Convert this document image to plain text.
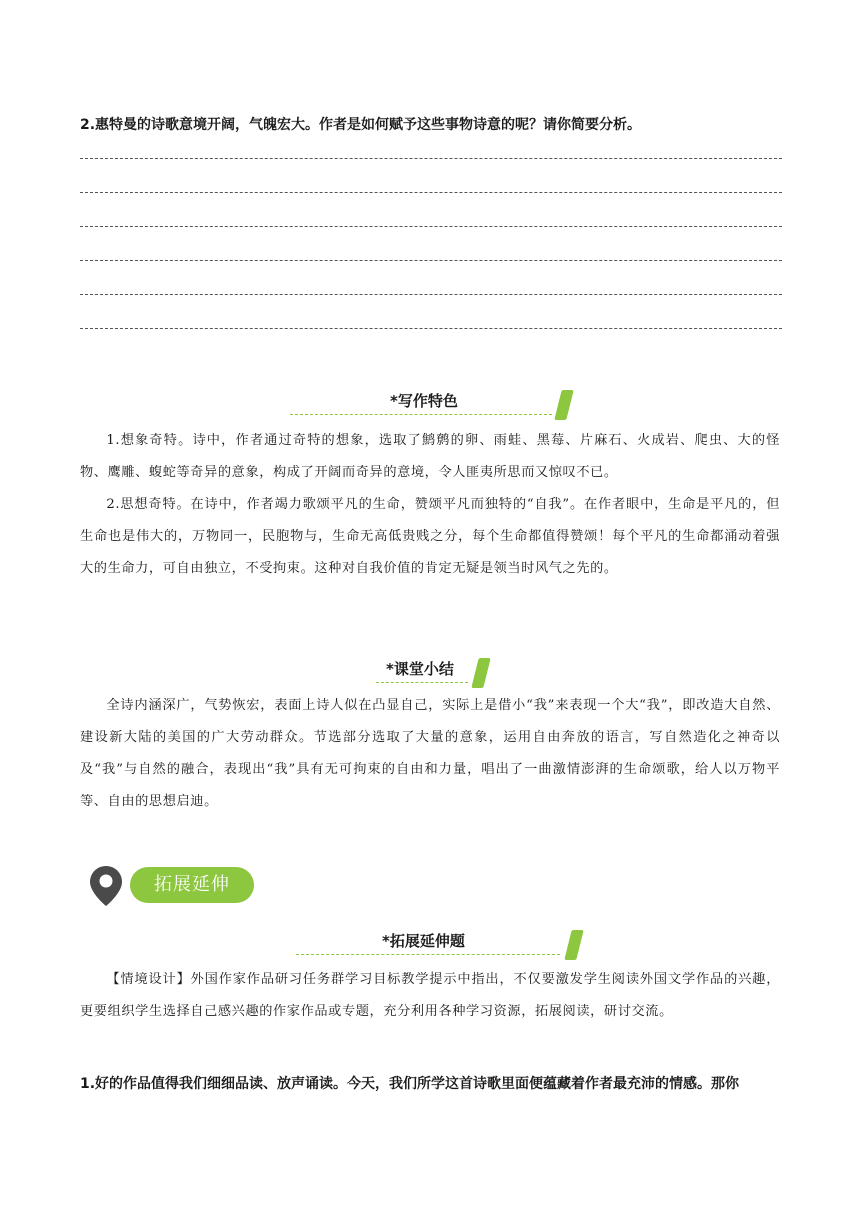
2.惠特曼的诗歌意境开阔，气魄宏大。作者是如何赋予这些事物诗意的呢？请你简要分析。
*写作特色
1.想象奇特。诗中，作者通过奇特的想象，选取了鹪鹩的卵、雨蛙、黑莓、片麻石、火成岩、爬虫、大的怪物、鹰雕、蝮蛇等奇异的意象，构成了开阔而奇异的意境，令人匪夷所思而又惊叹不已。
2.思想奇特。在诗中，作者竭力歌颂平凡的生命，赞颂平凡而独特的“自我”。在作者眼中，生命是平凡的，但生命也是伟大的，万物同一，民胞物与，生命无高低贵贱之分，每个生命都值得赞颂！每个平凡的生命都涌动着强大的生命力，可自由独立，不受拘束。这种对自我价值的肯定无疑是领当时风气之先的。
*课堂小结
全诗内涵深广，气势恢宏，表面上诗人似在凸显自己，实际上是借小“我”来表现一个大“我”，即改造大自然、建设新大陆的美国的广大劳动群众。节选部分选取了大量的意象，运用自由奔放的语言，写自然造化之神奇以及“我”与自然的融合，表现出“我”具有无可拘束的自由和力量，唱出了一曲激情澎湃的生命颂歌，给人以万物平等、自由的思想启迪。
拓展延伸
*拓展延伸题
【情境设计】外国作家作品研习任务群学习目标教学提示中指出，不仅要激发学生阅读外国文学作品的兴趣，更要组织学生选择自己感兴趣的作家作品或专题，充分利用各种学习资源，拓展阅读，研讨交流。
1.好的作品值得我们细细品读、放声诵读。今天，我们所学这首诗歌里面便蕴藏着作者最充沛的情感。那你
